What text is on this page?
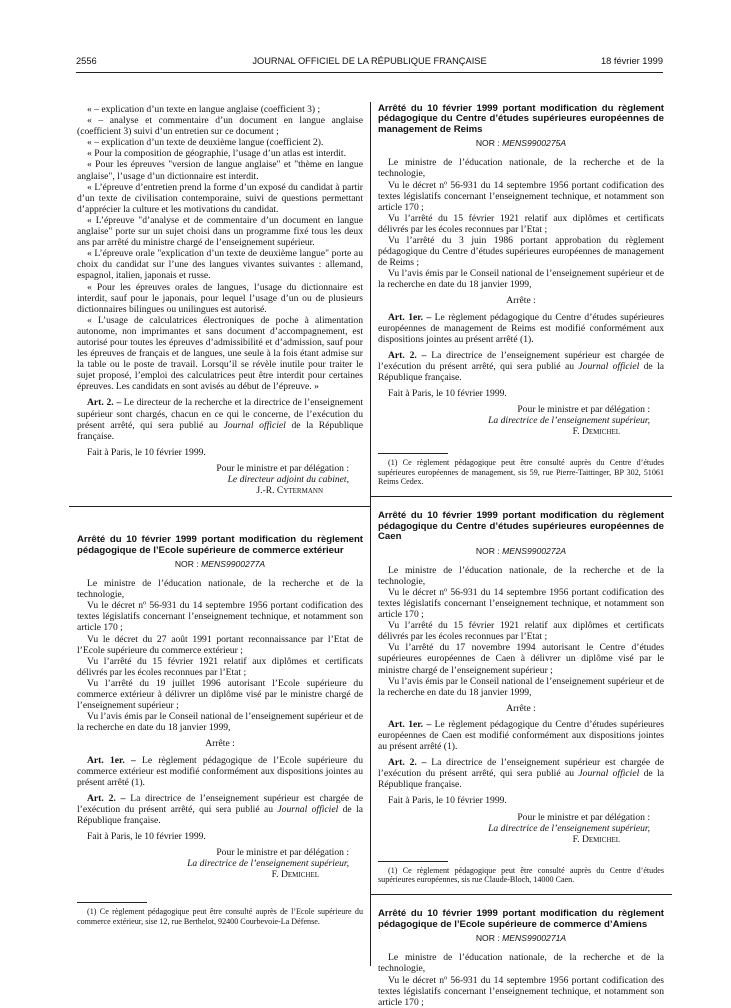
2556	JOURNAL OFFICIEL DE LA RÉPUBLIQUE FRANÇAISE	18 février 1999

« – explication d’un texte en langue anglaise (coefficient 3) ;

« – analyse et commentaire d’un document en langue anglaise (coefficient 3) suivi d’un entretien sur ce document ;

« – explication d’un texte de deuxième langue (coefficient 2).

« Pour la composition de géographie, l’usage d’un atlas est interdit.

« Pour les épreuves "version de langue anglaise" et "thème en langue anglaise", l’usage d’un dictionnaire est interdit.

« L’épreuve d’entretien prend la forme d’un exposé du candidat à partir d’un texte de civilisation contemporaine, suivi de questions permettant d’apprécier la culture et les motivations du candidat.

« L’épreuve "d’analyse et de commentaire d’un document en langue anglaise" porte sur un sujet choisi dans un programme fixé tous les deux ans par arrêté du ministre chargé de l’enseignement supérieur.

« L’épreuve orale "explication d’un texte de deuxième langue" porte au choix du candidat sur l’une des langues vivantes suivantes : allemand, espagnol, italien, japonais et russe.

« Pour les épreuves orales de langues, l’usage du dictionnaire est interdit, sauf pour le japonais, pour lequel l’usage d’un ou de plusieurs dictionnaires bilingues ou unilingues est autorisé.

« L’usage de calculatrices électroniques de poche à alimentation autonome, non imprimantes et sans document d’accompagnement, est autorisé pour toutes les épreuves d’admissibilité et d’admission, sauf pour les épreuves de français et de langues, une seule à la fois étant admise sur la table ou le poste de travail. Lorsqu’il se révèle inutile pour traiter le sujet proposé, l’emploi des calculatrices peut être interdit pour certaines épreuves. Les candidats en sont avisés au début de l’épreuve. »

Art. 2. – Le directeur de la recherche et la directrice de l’enseignement supérieur sont chargés, chacun en ce qui le concerne, de l’exécution du présent arrêté, qui sera publié au Journal officiel de la République française.

Fait à Paris, le 10 février 1999.

Pour le ministre et par délégation :

Le directeur adjoint du cabinet,

J.-R. Cytermann

Arrêté du 10 février 1999 portant modification du règlement pédagogique de l’Ecole supérieure de commerce extérieur

NOR : MENS9900277A

Le ministre de l’éducation nationale, de la recherche et de la technologie,

Vu le décret nº 56-931 du 14 septembre 1956 portant codification des textes législatifs concernant l’enseignement technique, et notamment son article 170 ;

Vu le décret du 27 août 1991 portant reconnaissance par l’Etat de l’Ecole supérieure du commerce extérieur ;

Vu l’arrêté du 15 février 1921 relatif aux diplômes et certificats délivrés par les écoles reconnues par l’Etat ;

Vu l’arrêté du 19 juillet 1996 autorisant l’Ecole supérieure du commerce extérieur à délivrer un diplôme visé par le ministre chargé de l’enseignement supérieur ;

Vu l’avis émis par le Conseil national de l’enseignement supérieur et de la recherche en date du 18 janvier 1999,

Arrête :

Art. 1er. – Le règlement pédagogique de l’Ecole supérieure du commerce extérieur est modifié conformément aux dispositions jointes au présent arrêté (1).

Art. 2. – La directrice de l’enseignement supérieur est chargée de l’exécution du présent arrêté, qui sera publié au Journal officiel de la République française.

Fait à Paris, le 10 février 1999.

Pour le ministre et par délégation :

La directrice de l’enseignement supérieur,

F. Demichel

(1) Ce règlement pédagogique peut être consulté auprès de l’Ecole supérieure du commerce extérieur, sise 12, rue Berthelot, 92400 Courbevoie-La Défense.

Arrêté du 10 février 1999 portant modification du règlement pédagogique du Centre d’études supérieures européennes de management de Reims

NOR : MENS9900275A

Le ministre de l’éducation nationale, de la recherche et de la technologie,

Vu le décret nº 56-931 du 14 septembre 1956 portant codification des textes législatifs concernant l’enseignement technique, et notamment son article 170 ;

Vu l’arrêté du 15 février 1921 relatif aux diplômes et certificats délivrés par les écoles reconnues par l’Etat ;

Vu l’arrêté du 3 juin 1986 portant approbation du règlement pédagogique du Centre d’études supérieures européennes de management de Reims ;

Vu l’avis émis par le Conseil national de l’enseignement supérieur et de la recherche en date du 18 janvier 1999,

Arrête :

Art. 1er. – Le règlement pédagogique du Centre d’études supérieures européennes de management de Reims est modifié conformément aux dispositions jointes au présent arrêté (1).

Art. 2. – La directrice de l’enseignement supérieur est chargée de l’exécution du présent arrêté, qui sera publié au Journal officiel de la République française.

Fait à Paris, le 10 février 1999.

Pour le ministre et par délégation :

La directrice de l’enseignement supérieur,

F. Demichel

(1) Ce règlement pédagogique peut être consulté auprès du Centre d’études supérieures européennes de management, sis 59, rue Pierre-Taittinger, BP 302, 51061 Reims Cedex.

Arrêté du 10 février 1999 portant modification du règlement pédagogique du Centre d’études supérieures européennes de Caen

NOR : MENS9900272A

Le ministre de l’éducation nationale, de la recherche et de la technologie,

Vu le décret nº 56-931 du 14 septembre 1956 portant codification des textes législatifs concernant l’enseignement technique, et notamment son article 170 ;

Vu l’arrêté du 15 février 1921 relatif aux diplômes et certificats délivrés par les écoles reconnues par l’Etat ;

Vu l’arrêté du 17 novembre 1994 autorisant le Centre d’études supérieures européennes de Caen à délivrer un diplôme visé par le ministre chargé de l’enseignement supérieur ;

Vu l’avis émis par le Conseil national de l’enseignement supérieur et de la recherche en date du 18 janvier 1999,

Arrête :

Art. 1er. – Le règlement pédagogique du Centre d’études supérieures européennes de Caen est modifié conformément aux dispositions jointes au présent arrêté (1).

Art. 2. – La directrice de l’enseignement supérieur est chargée de l’exécution du présent arrêté, qui sera publié au Journal officiel de la République française.

Fait à Paris, le 10 février 1999.

Pour le ministre et par délégation :

La directrice de l’enseignement supérieur,

F. Demichel

(1) Ce règlement pédagogique peut être consulté auprès du Centre d’études supérieures européennes, sis rue Claude-Bloch, 14000 Caen.

Arrêté du 10 février 1999 portant modification du règlement pédagogique de l’Ecole supérieure de commerce d’Amiens

NOR : MENS9900271A

Le ministre de l’éducation nationale, de la recherche et de la technologie,

Vu le décret nº 56-931 du 14 septembre 1956 portant codification des textes législatifs concernant l’enseignement technique, et notamment son article 170 ;
